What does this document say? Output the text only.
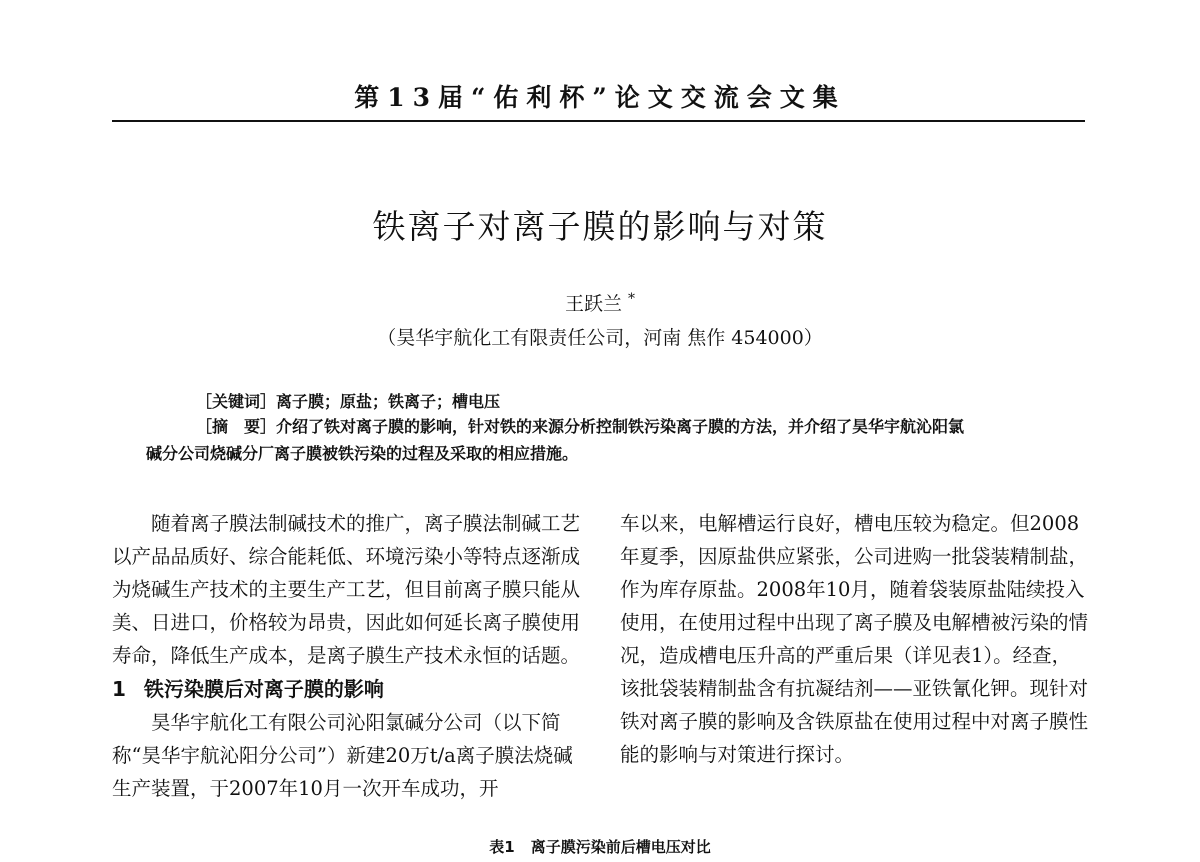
第13届“佑利杯”论文交流会文集
铁离子对离子膜的影响与对策
王跃兰 *
（昊华宇航化工有限责任公司，河南 焦作 454000）
［关键词］离子膜；原盐；铁离子；槽电压
［摘　要］介绍了铁对离子膜的影响，针对铁的来源分析控制铁污染离子膜的方法，并介绍了昊华宇航沁阳氯
碱分公司烧碱分厂离子膜被铁污染的过程及采取的相应措施。

随着离子膜法制碱技术的推广，离子膜法制碱工艺以产品品质好、综合能耗低、环境污染小等特点逐渐成为烧碱生产技术的主要生产工艺，但目前离子膜只能从美、日进口，价格较为昂贵，因此如何延长离子膜使用寿命，降低生产成本，是离子膜生产技术永恒的话题。

1 铁污染膜后对离子膜的影响

昊华宇航化工有限公司沁阳氯碱分公司（以下简称“昊华宇航沁阳分公司”）新建20万t/a离子膜法烧碱生产装置，于2007年10月一次开车成功，开

车以来，电解槽运行良好，槽电压较为稳定。但2008年夏季，因原盐供应紧张，公司进购一批袋装精制盐，作为库存原盐。2008年10月，随着袋装原盐陆续投入使用，在使用过程中出现了离子膜及电解槽被污染的情况，造成槽电压升高的严重后果（详见表1）。经查，该批袋装精制盐含有抗凝结剂——亚铁氰化钾。现针对铁对离子膜的影响及含铁原盐在使用过程中对离子膜性能的影响与对策进行探讨。

表1 离子膜污染前后槽电压对比
